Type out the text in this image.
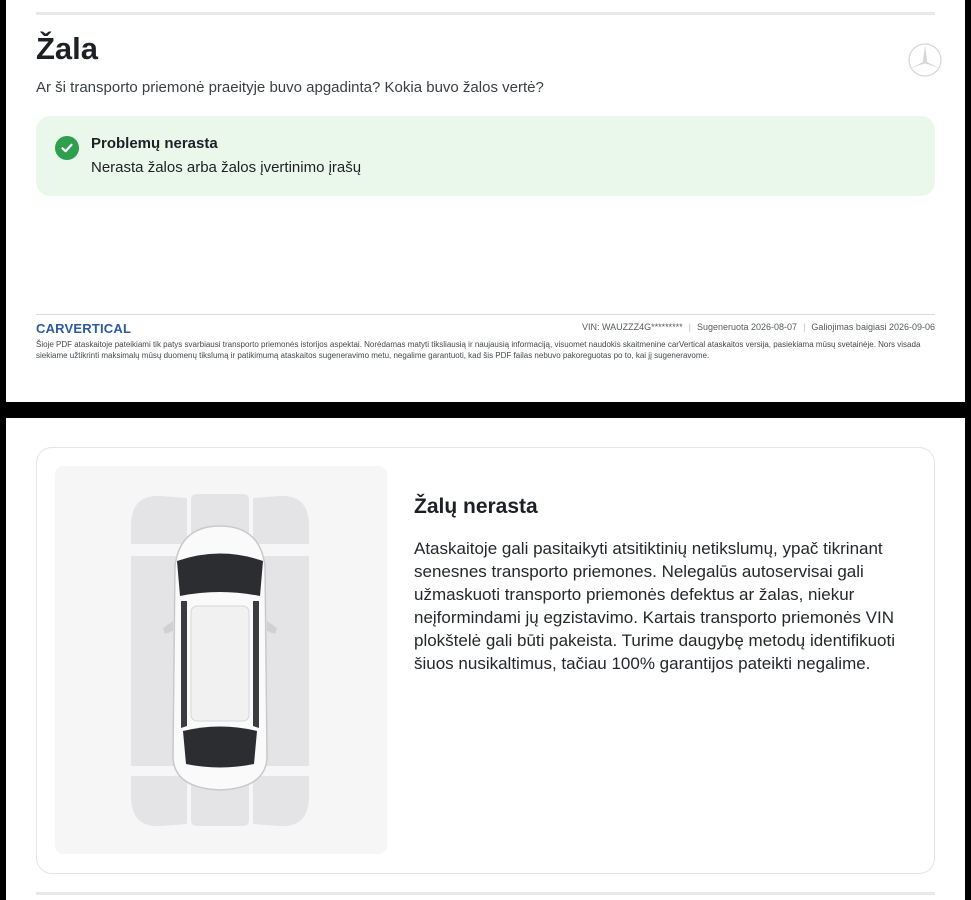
Žala
Ar ši transporto priemonė praeityje buvo apgadinta? Kokia buvo žalos vertė?
Problemų nerasta
Nerasta žalos arba žalos įvertinimo įrašų
CARVERTICAL	VIN: WAUZZZ4G********* | Sugeneruota 2026-08-07 | Galiojimas baigiasi 2026-09-06
Šioje PDF ataskaitoje pateikiami tik patys svarbiausi transporto priemonės istorijos aspektai. Norėdamas matyti tiksliausią ir naujausią informaciją, visuomet naudokis skaitmenine carVertical ataskaitos versija, pasiekiama mūsų svetainėje. Nors visada siekiame užtikrinti maksimalų mūsų duomenų tikslumą ir patikimumą ataskaitos sugeneravimo metu, negalime garantuoti, kad šis PDF failas nebuvo pakoreguotas po to, kai jį sugeneravome.
Žalų nerasta
Ataskaitoje gali pasitaikyti atsitiktinių netikslumų, ypač tikrinant senesnes transporto priemones. Nelegalūs autoservisai gali užmaskuoti transporto priemonės defektus ar žalas, niekur neįformindami jų egzistavimo. Kartais transporto priemonės VIN plokštelė gali būti pakeista. Turime daugybę metodų identifikuoti šiuos nusikaltimus, tačiau 100% garantijos pateikti negalime.
